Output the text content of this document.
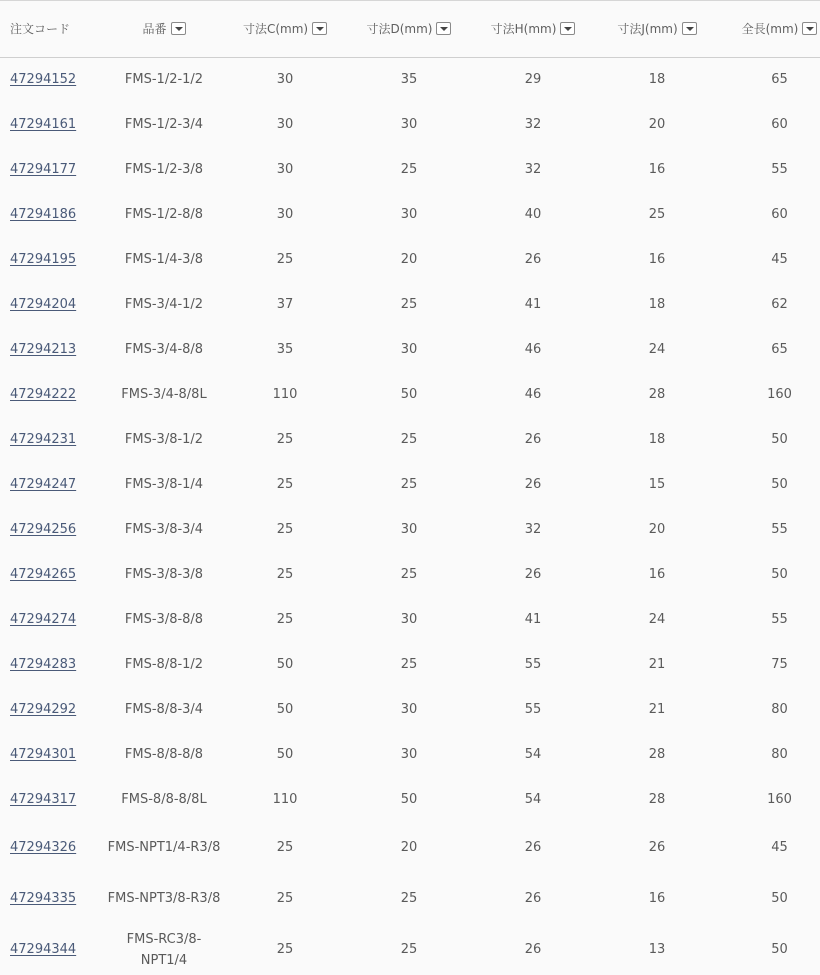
注文コード	品番	寸法C(mm)	寸法D(mm)	寸法H(mm)	寸法J(mm)	全長(mm)

47294152	FMS-1/2-1/2	30	35	29	18	65
47294161	FMS-1/2-3/4	30	30	32	20	60
47294177	FMS-1/2-3/8	30	25	32	16	55
47294186	FMS-1/2-8/8	30	30	40	25	60
47294195	FMS-1/4-3/8	25	20	26	16	45
47294204	FMS-3/4-1/2	37	25	41	18	62
47294213	FMS-3/4-8/8	35	30	46	24	65
47294222	FMS-3/4-8/8L	110	50	46	28	160
47294231	FMS-3/8-1/2	25	25	26	18	50
47294247	FMS-3/8-1/4	25	25	26	15	50
47294256	FMS-3/8-3/4	25	30	32	20	55
47294265	FMS-3/8-3/8	25	25	26	16	50
47294274	FMS-3/8-8/8	25	30	41	24	55
47294283	FMS-8/8-1/2	50	25	55	21	75
47294292	FMS-8/8-3/4	50	30	55	21	80
47294301	FMS-8/8-8/8	50	30	54	28	80
47294317	FMS-8/8-8/8L	110	50	54	28	160
47294326	FMS-NPT1/4-R3/8	25	20	26	26	45
47294335	FMS-NPT3/8-R3/8	25	25	26	16	50
47294344	FMS-RC3/8-NPT1/4	25	25	26	13	50
